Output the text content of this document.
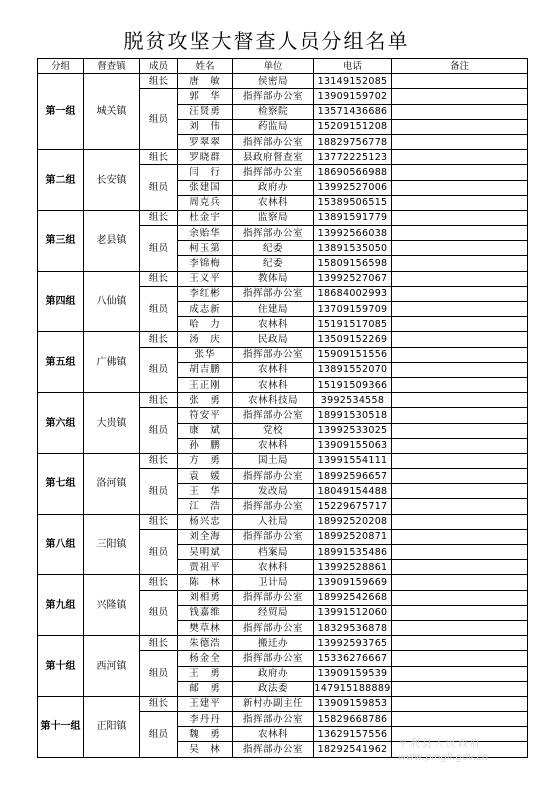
脱贫攻坚大督查人员分组名单
分组	督查镇	成员	姓名	单位	电话	备注
第一组	城关镇	组长	唐　敏	侯密局	13149152085	
		组员	郭　华	指挥部办公室	13909159702	
			汪贤勇	检察院	13571436686	
			刘　伟	药监局	15209151208	
			罗翠翠	指挥部办公室	18829756778	
第二组	长安镇	组长	罗晓群	县政府督查室	13772225123	
		组员	闫　行	指挥部办公室	18690566988	
			张建国	政府办	13992527006	
			周克兵	农林科	15389506515	
第三组	老县镇	组长	杜金宇	监察局	13891591779	
		组员	余贻华	指挥部办公室	13992566038	
			柯玉第	纪委	13891535050	
			李锦梅	纪委	15809156598	
第四组	八仙镇	组长	王义平	教体局	13992527067	
		组员	李红彬	指挥部办公室	18684002993	
			成志新	住建局	13709159709	
			哈　力	农林科	15191517085	
第五组	广佛镇	组长	汤　庆	民政局	13509152269	
		组员	张华	指挥部办公室	15909151556	
			胡吉鹏	农林科	13891552070	
			王正刚	农林科	15191509366	
第六组	大贵镇	组长	张　勇	农林科技局	3992534558	
		组员	符安平	指挥部办公室	18991530518	
			康　斌	党校	13992533025	
			孙　鹏	农林科	13909155063	
第七组	洛河镇	组长	方　勇	国土局	13991554111	
		组员	袁　媛	指挥部办公室	18992596657	
			王　华	发改局	18049154488	
			江　浩	指挥部办公室	15229675717	
第八组	三阳镇	组长	杨兴忠	人社局	18992520208	
		组员	刘全海	指挥部办公室	18992520871	
			吴明斌	档案局	18991535486	
			贾祖平	农林科	13992528861	
第九组	兴隆镇	组长	陈　林	卫计局	13909159669	
		组员	刘相勇	指挥部办公室	18992542668	
			钱嘉维	经贸局	13991512060	
			樊草林	指挥部办公室	18329536878	
第十组	西河镇	组长	朱德浩	搬迁办	13992593765	
		组员	杨金全	指挥部办公室	15336276667	
			王　勇	政府办	13909159539	
			邮　勇	政法委	147915188889	
第十一组	正阳镇	组长	王建平	新村办副主任	13909159853	
		组员	李丹丹	指挥部办公室	15829668786	
			魏　勇	农林科	13629157556	
			吴　林	指挥部办公室	18292541962	平利县人民政府
www.pingli.gov.cn
